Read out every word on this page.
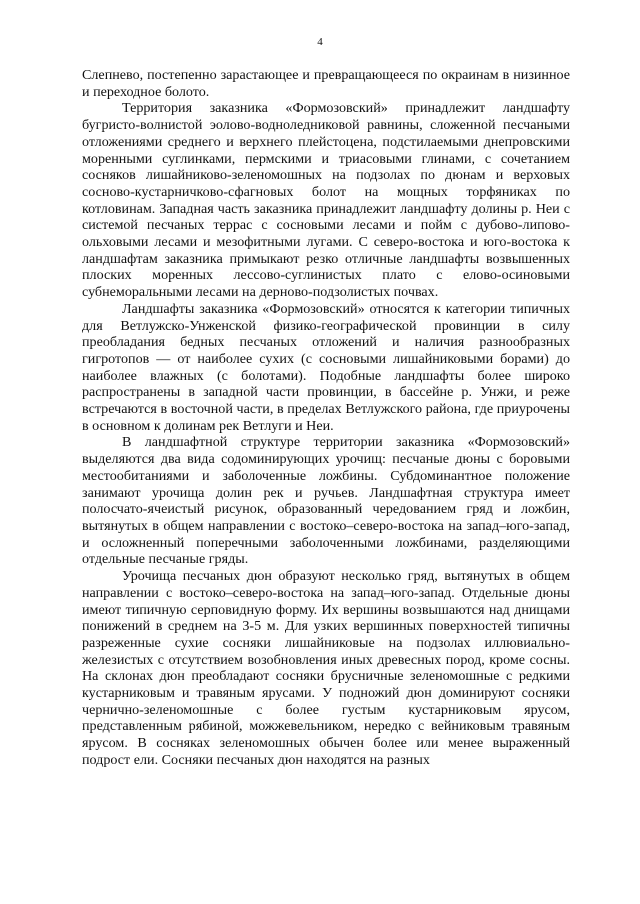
4

Слепнево, постепенно зарастающее и превращающееся по окраинам в низинное и переходное болото.

Территория заказника «Формозовский» принадлежит ландшафту бугристо-волнистой эолово-водноледниковой равнины, сложенной песчаными отложениями среднего и верхнего плейстоцена, подстилаемыми днепровскими моренными суглинками, пермскими и триасовыми глинами, с сочетанием сосняков лишайниково-зеленомошных на подзолах по дюнам и верховых сосново-кустарничково-сфагновых болот на мощных торфяниках по котловинам. Западная часть заказника принадлежит ландшафту долины р. Неи с системой песчаных террас с сосновыми лесами и пойм с дубово-липово-ольховыми лесами и мезофитными лугами. С северо-востока и юго-востока к ландшафтам заказника примыкают резко отличные ландшафты возвышенных плоских моренных лессово-суглинистых плато с елово-осиновыми субнеморальными лесами на дерново-подзолистых почвах.

Ландшафты заказника «Формозовский» относятся к категории типичных для Ветлужско-Унженской физико-географической провинции в силу преобладания бедных песчаных отложений и наличия разнообразных гигротопов — от наиболее сухих (с сосновыми лишайниковыми борами) до наиболее влажных (с болотами). Подобные ландшафты более широко распространены в западной части провинции, в бассейне р. Унжи, и реже встречаются в восточной части, в пределах Ветлужского района, где приурочены в основном к долинам рек Ветлуги и Неи.

В ландшафтной структуре территории заказника «Формозовский» выделяются два вида содоминирующих урочищ: песчаные дюны с боровыми местообитаниями и заболоченные ложбины. Субдоминантное положение занимают урочища долин рек и ручьев. Ландшафтная структура имеет полосчато-ячеистый рисунок, образованный чередованием гряд и ложбин, вытянутых в общем направлении с востоко–северо-востока на запад–юго-запад, и осложненный поперечными заболоченными ложбинами, разделяющими отдельные песчаные гряды.

Урочища песчаных дюн образуют несколько гряд, вытянутых в общем направлении с востоко–северо-востока на запад–юго-запад. Отдельные дюны имеют типичную серповидную форму. Их вершины возвышаются над днищами понижений в среднем на 3-5 м. Для узких вершинных поверхностей типичны разреженные сухие сосняки лишайниковые на подзолах иллювиально-железистых с отсутствием возобновления иных древесных пород, кроме сосны. На склонах дюн преобладают сосняки брусничные зеленомошные с редкими кустарниковым и травяным ярусами. У подножий дюн доминируют сосняки чернично-зеленомошные с более густым кустарниковым ярусом, представленным рябиной, можжевельником, нередко с вейниковым травяным ярусом. В сосняках зеленомошных обычен более или менее выраженный подрост ели. Сосняки песчаных дюн находятся на разных
